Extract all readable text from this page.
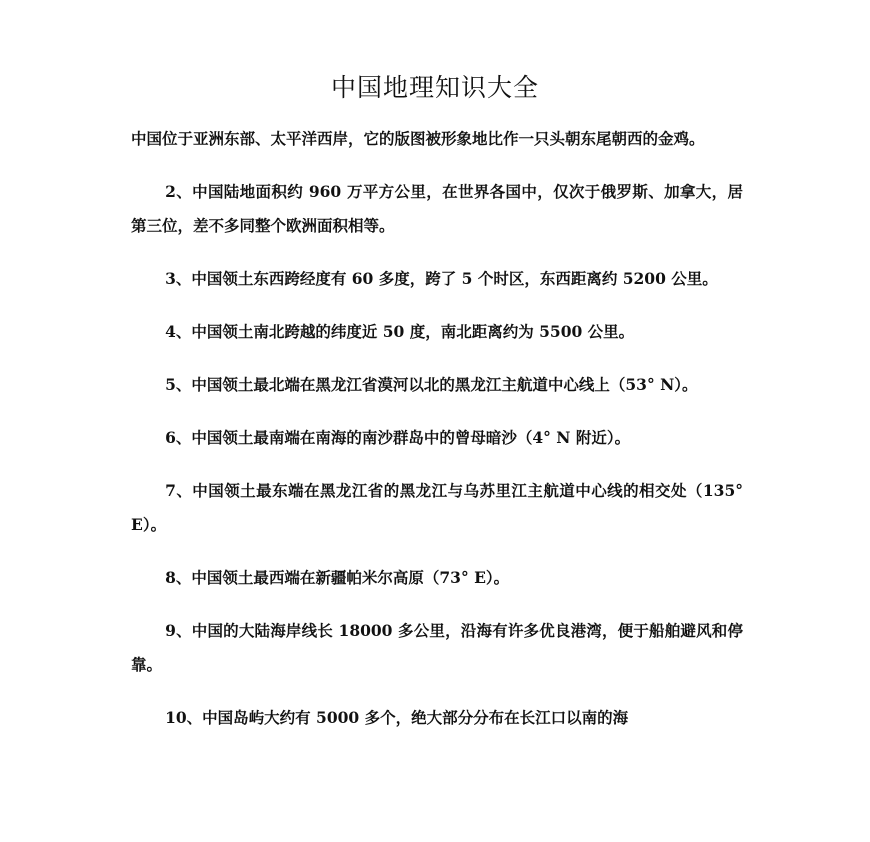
中国地理知识大全

中国位于亚洲东部、太平洋西岸，它的版图被形象地比作一只头朝东尾朝西的金鸡。

2、中国陆地面积约 960 万平方公里，在世界各国中，仅次于俄罗斯、加拿大，居第三位，差不多同整个欧洲面积相等。

3、中国领土东西跨经度有 60 多度，跨了 5 个时区，东西距离约 5200 公里。

4、中国领土南北跨越的纬度近 50 度，南北距离约为 5500 公里。

5、中国领土最北端在黑龙江省漠河以北的黑龙江主航道中心线上（53° N）。

6、中国领土最南端在南海的南沙群岛中的曾母暗沙（4° N 附近）。

7、中国领土最东端在黑龙江省的黑龙江与乌苏里江主航道中心线的相交处（135° E）。

8、中国领土最西端在新疆帕米尔高原（73° E）。

9、中国的大陆海岸线长 18000 多公里，沿海有许多优良港湾，便于船舶避风和停靠。

10、中国岛屿大约有 5000 多个，绝大部分分布在长江口以南的海
